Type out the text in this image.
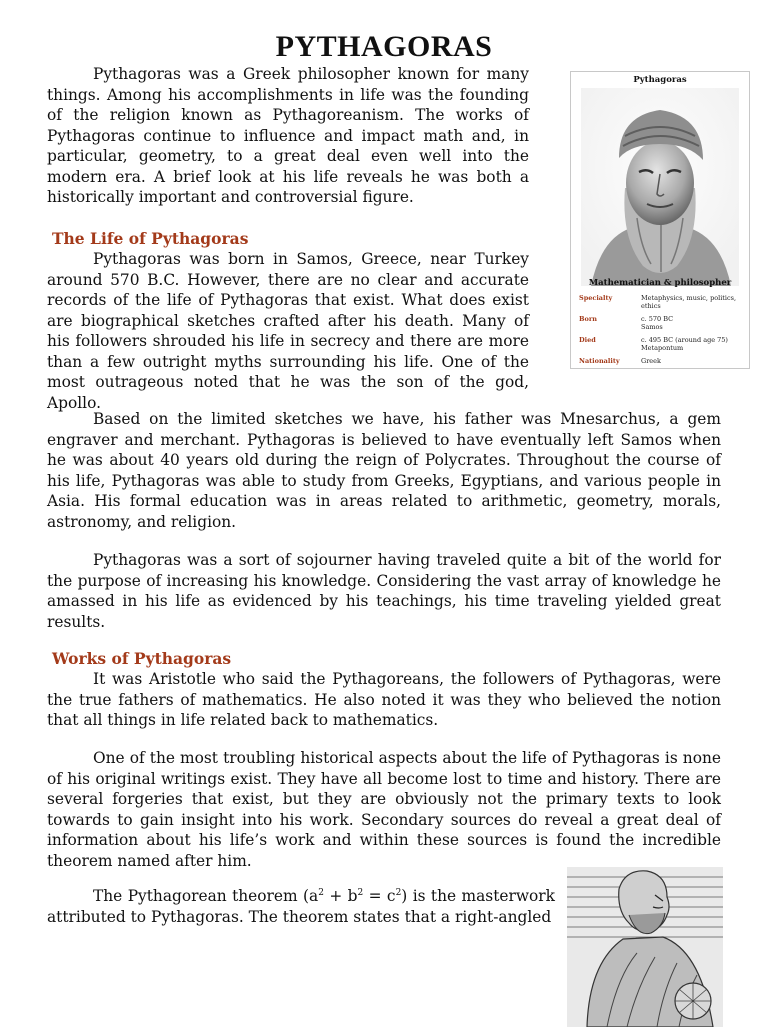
PYTHAGORAS

Pythagoras was a Greek philosopher known for many things. Among his accomplishments in life was the founding of the religion known as Pythagoreanism. The works of Pythagoras continue to influence and impact math and, in particular, geometry, to a great deal even well into the modern era. A brief look at his life reveals he was both a historically important and controversial figure.

The Life of Pythagoras

Pythagoras was born in Samos, Greece, near Turkey around 570 B.C. However, there are no clear and accurate records of the life of Pythagoras that exist. What does exist are biographical sketches crafted after his death. Many of his followers shrouded his life in secrecy and there are more than a few outright myths surrounding his life. One of the most outrageous noted that he was the son of the god, Apollo.

Based on the limited sketches we have, his father was Mnesarchus, a gem engraver and merchant. Pythagoras is believed to have eventually left Samos when he was about 40 years old during the reign of Polycrates. Throughout the course of his life, Pythagoras was able to study from Greeks, Egyptians, and various people in Asia. His formal education was in areas related to arithmetic, geometry, morals, astronomy, and religion.

Pythagoras was a sort of sojourner having traveled quite a bit of the world for the purpose of increasing his knowledge. Considering the vast array of knowledge he amassed in his life as evidenced by his teachings, his time traveling yielded great results.

Works of Pythagoras

It was Aristotle who said the Pythagoreans, the followers of Pythagoras, were the true fathers of mathematics. He also noted it was they who believed the notion that all things in life related back to mathematics.

One of the most troubling historical aspects about the life of Pythagoras is none of his original writings exist. They have all become lost to time and history. There are several forgeries that exist, but they are obviously not the primary texts to look towards to gain insight into his work. Secondary sources do reveal a great deal of information about his life’s work and within these sources is found the incredible theorem named after him.

The Pythagorean theorem $(a^2 + b^2 = c^2)$ is the masterwork attributed to Pythagoras. The theorem states that a right-angled

Pythagoras
Mathematician & philosopher
Specialty	Metaphysics, music, politics, ethics
Born	c. 570 BC Samos
Died	c. 495 BC (around age 75) Metapontum
Nationality	Greek
